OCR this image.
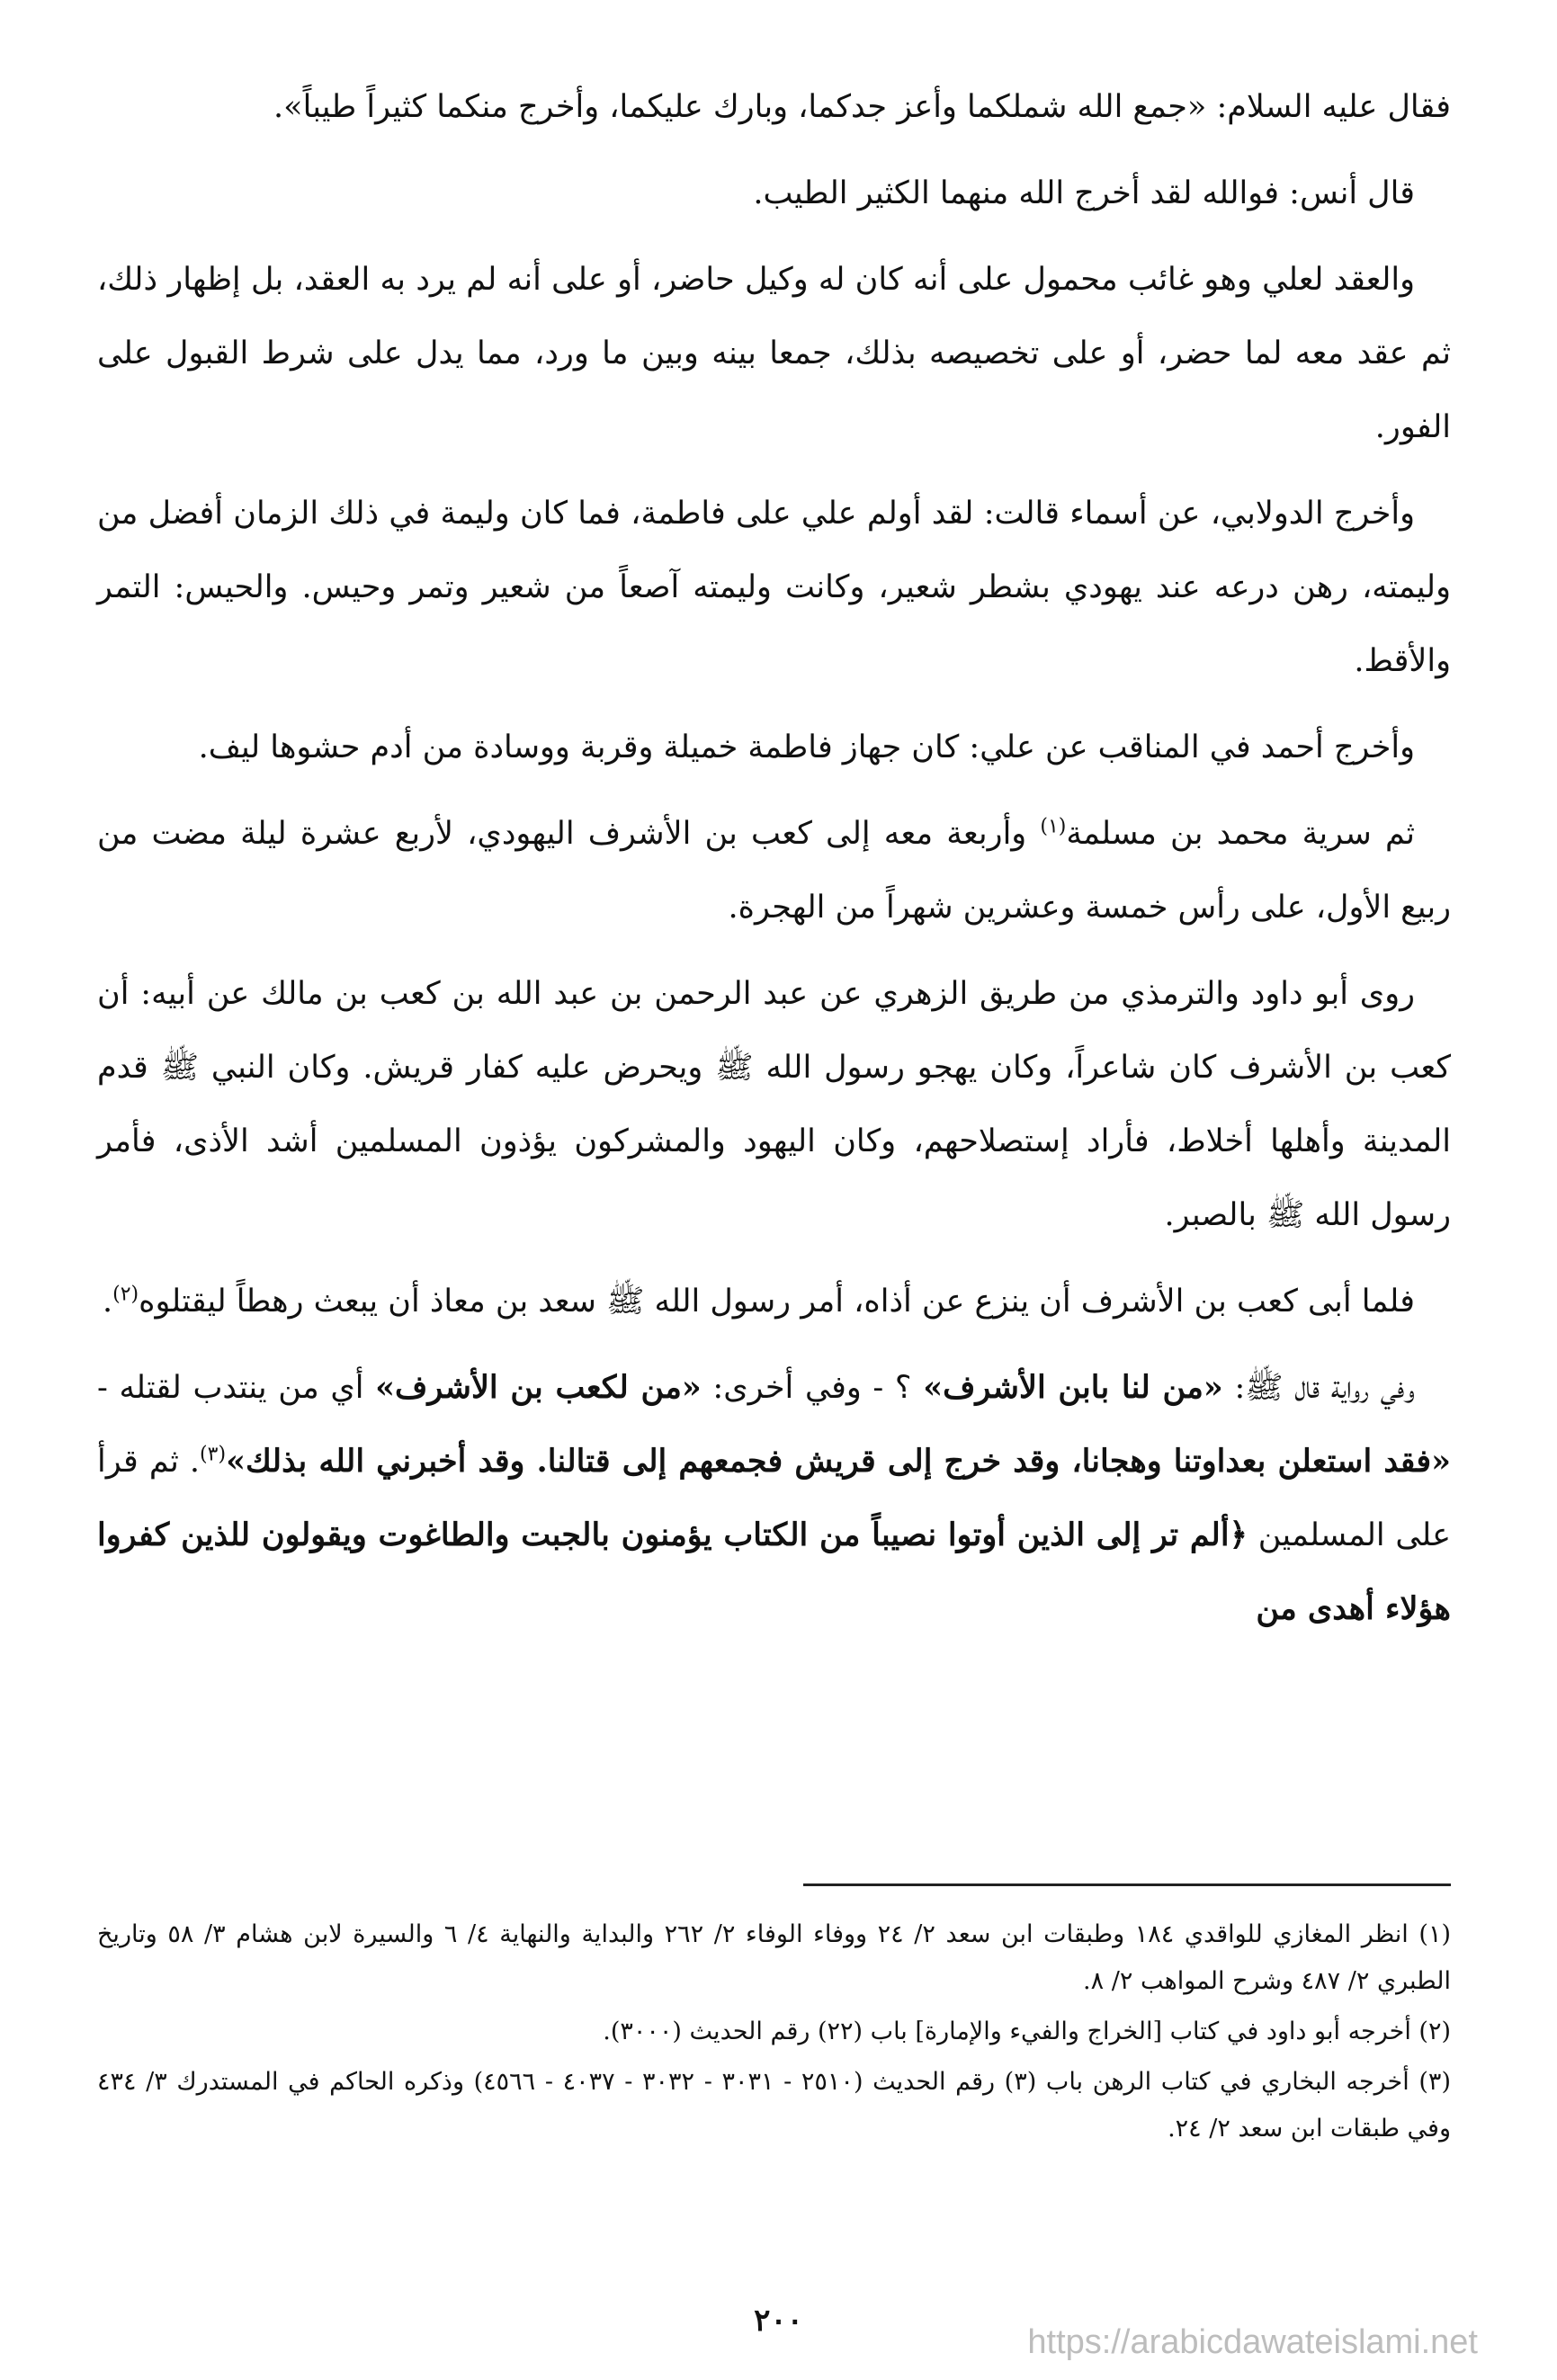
فقال عليه السلام: «جمع الله شملكما وأعز جدكما، وبارك عليكما، وأخرج منكما كثيراً طيباً».

قال أنس: فوالله لقد أخرج الله منهما الكثير الطيب.

والعقد لعلي وهو غائب محمول على أنه كان له وكيل حاضر، أو على أنه لم يرد به العقد، بل إظهار ذلك، ثم عقد معه لما حضر، أو على تخصيصه بذلك، جمعا بينه وبين ما ورد، مما يدل على شرط القبول على الفور.

وأخرج الدولابي، عن أسماء قالت: لقد أولم علي على فاطمة، فما كان وليمة في ذلك الزمان أفضل من وليمته، رهن درعه عند يهودي بشطر شعير، وكانت وليمته آصعاً من شعير وتمر وحيس. والحيس: التمر والأقط.

وأخرج أحمد في المناقب عن علي: كان جهاز فاطمة خميلة وقربة ووسادة من أدم حشوها ليف.

ثم سرية محمد بن مسلمة$^{(١)}$ وأربعة معه إلى كعب بن الأشرف اليهودي، لأربع عشرة ليلة مضت من ربيع الأول، على رأس خمسة وعشرين شهراً من الهجرة.

روى أبو داود والترمذي من طريق الزهري عن عبد الرحمن بن عبد الله بن كعب بن مالك عن أبيه: أن كعب بن الأشرف كان شاعراً، وكان يهجو رسول الله ﷺ ويحرض عليه كفار قريش. وكان النبي ﷺ قدم المدينة وأهلها أخلاط، فأراد إستصلاحهم، وكان اليهود والمشركون يؤذون المسلمين أشد الأذى، فأمر رسول الله ﷺ بالصبر.

فلما أبى كعب بن الأشرف أن ينزع عن أذاه، أمر رسول الله ﷺ سعد بن معاذ أن يبعث رهطاً ليقتلوه$^{(٢)}$.

وفي رواية قال ﷺ: «من لنا بابن الأشرف» ؟ - وفي أخرى: «من لكعب بن الأشرف» أي من ينتدب لقتله - «فقد استعلن بعداوتنا وهجانا، وقد خرج إلى قريش فجمعهم إلى قتالنا. وقد أخبرني الله بذلك»$^{(٣)}$. ثم قرأ على المسلمين ﴿ألم تر إلى الذين أوتوا نصيباً من الكتاب يؤمنون بالجبت والطاغوت ويقولون للذين كفروا هؤلاء أهدى من

(١) انظر المغازي للواقدي ١٨٤ وطبقات ابن سعد ٢/ ٢٤ ووفاء الوفاء ٢/ ٢٦٢ والبداية والنهاية ٤/ ٦ والسيرة لابن هشام ٣/ ٥٨ وتاريخ الطبري ٢/ ٤٨٧ وشرح المواهب ٢/ ٨.

(٢) أخرجه أبو داود في كتاب [الخراج والفيء والإمارة] باب (٢٢) رقم الحديث (٣٠٠٠).

(٣) أخرجه البخاري في كتاب الرهن باب (٣) رقم الحديث (٢٥١٠ - ٣٠٣١ - ٣٠٣٢ - ٤٠٣٧ - ٤٥٦٦) وذكره الحاكم في المستدرك ٣/ ٤٣٤ وفي طبقات ابن سعد ٢/ ٢٤.

٢٠٠
https://arabicdawateislami.net
